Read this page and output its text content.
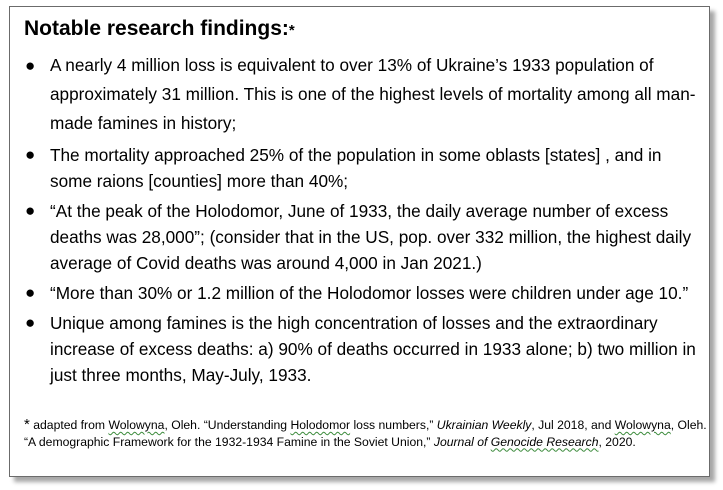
Notable research findings:*
● A nearly 4 million loss is equivalent to over 13% of Ukraine’s 1933 population of approximately 31 million. This is one of the highest levels of mortality among all man-made famines in history;
● The mortality approached 25% of the population in some oblasts [states] , and in some raions [counties] more than 40%;
● “At the peak of the Holodomor, June of 1933, the daily average number of excess deaths was 28,000”; (consider that in the US, pop. over 332 million, the highest daily average of Covid deaths was around 4,000 in Jan 2021.)
● “More than 30% or 1.2 million of the Holodomor losses were children under age 10.”
● Unique among famines is the high concentration of losses and the extraordinary increase of excess deaths: a) 90% of deaths occurred in 1933 alone; b) two million in just three months, May-July, 1933.
* adapted from Wolowyna, Oleh. “Understanding Holodomor loss numbers,” Ukrainian Weekly, Jul 2018, and Wolowyna, Oleh. “A demographic Framework for the 1932-1934 Famine in the Soviet Union,” Journal of Genocide Research, 2020.
